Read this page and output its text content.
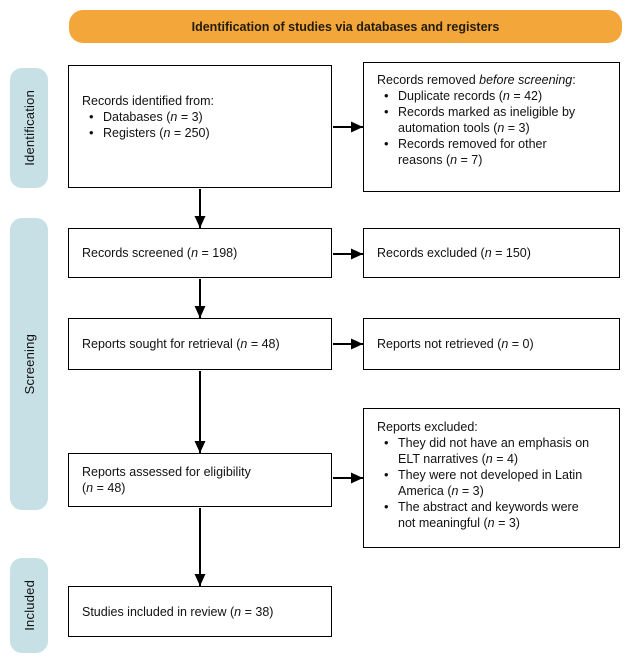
Identification of studies via databases and registers
Identification
Screening
Included
Records identified from:
• Databases (n = 3)
• Registers (n = 250)
Records removed before screening:
• Duplicate records (n = 42)
• Records marked as ineligible by
automation tools (n = 3)
• Records removed for other
reasons (n = 7)
Records screened (n = 198)	Records excluded (n = 150)
Reports sought for retrieval (n = 48)	Reports not retrieved (n = 0)
Reports assessed for eligibility
(n = 48)
Reports excluded:
• They did not have an emphasis on
ELT narratives (n = 4)
• They were not developed in Latin
America (n = 3)
• The abstract and keywords were
not meaningful (n = 3)
Studies included in review (n = 38)
